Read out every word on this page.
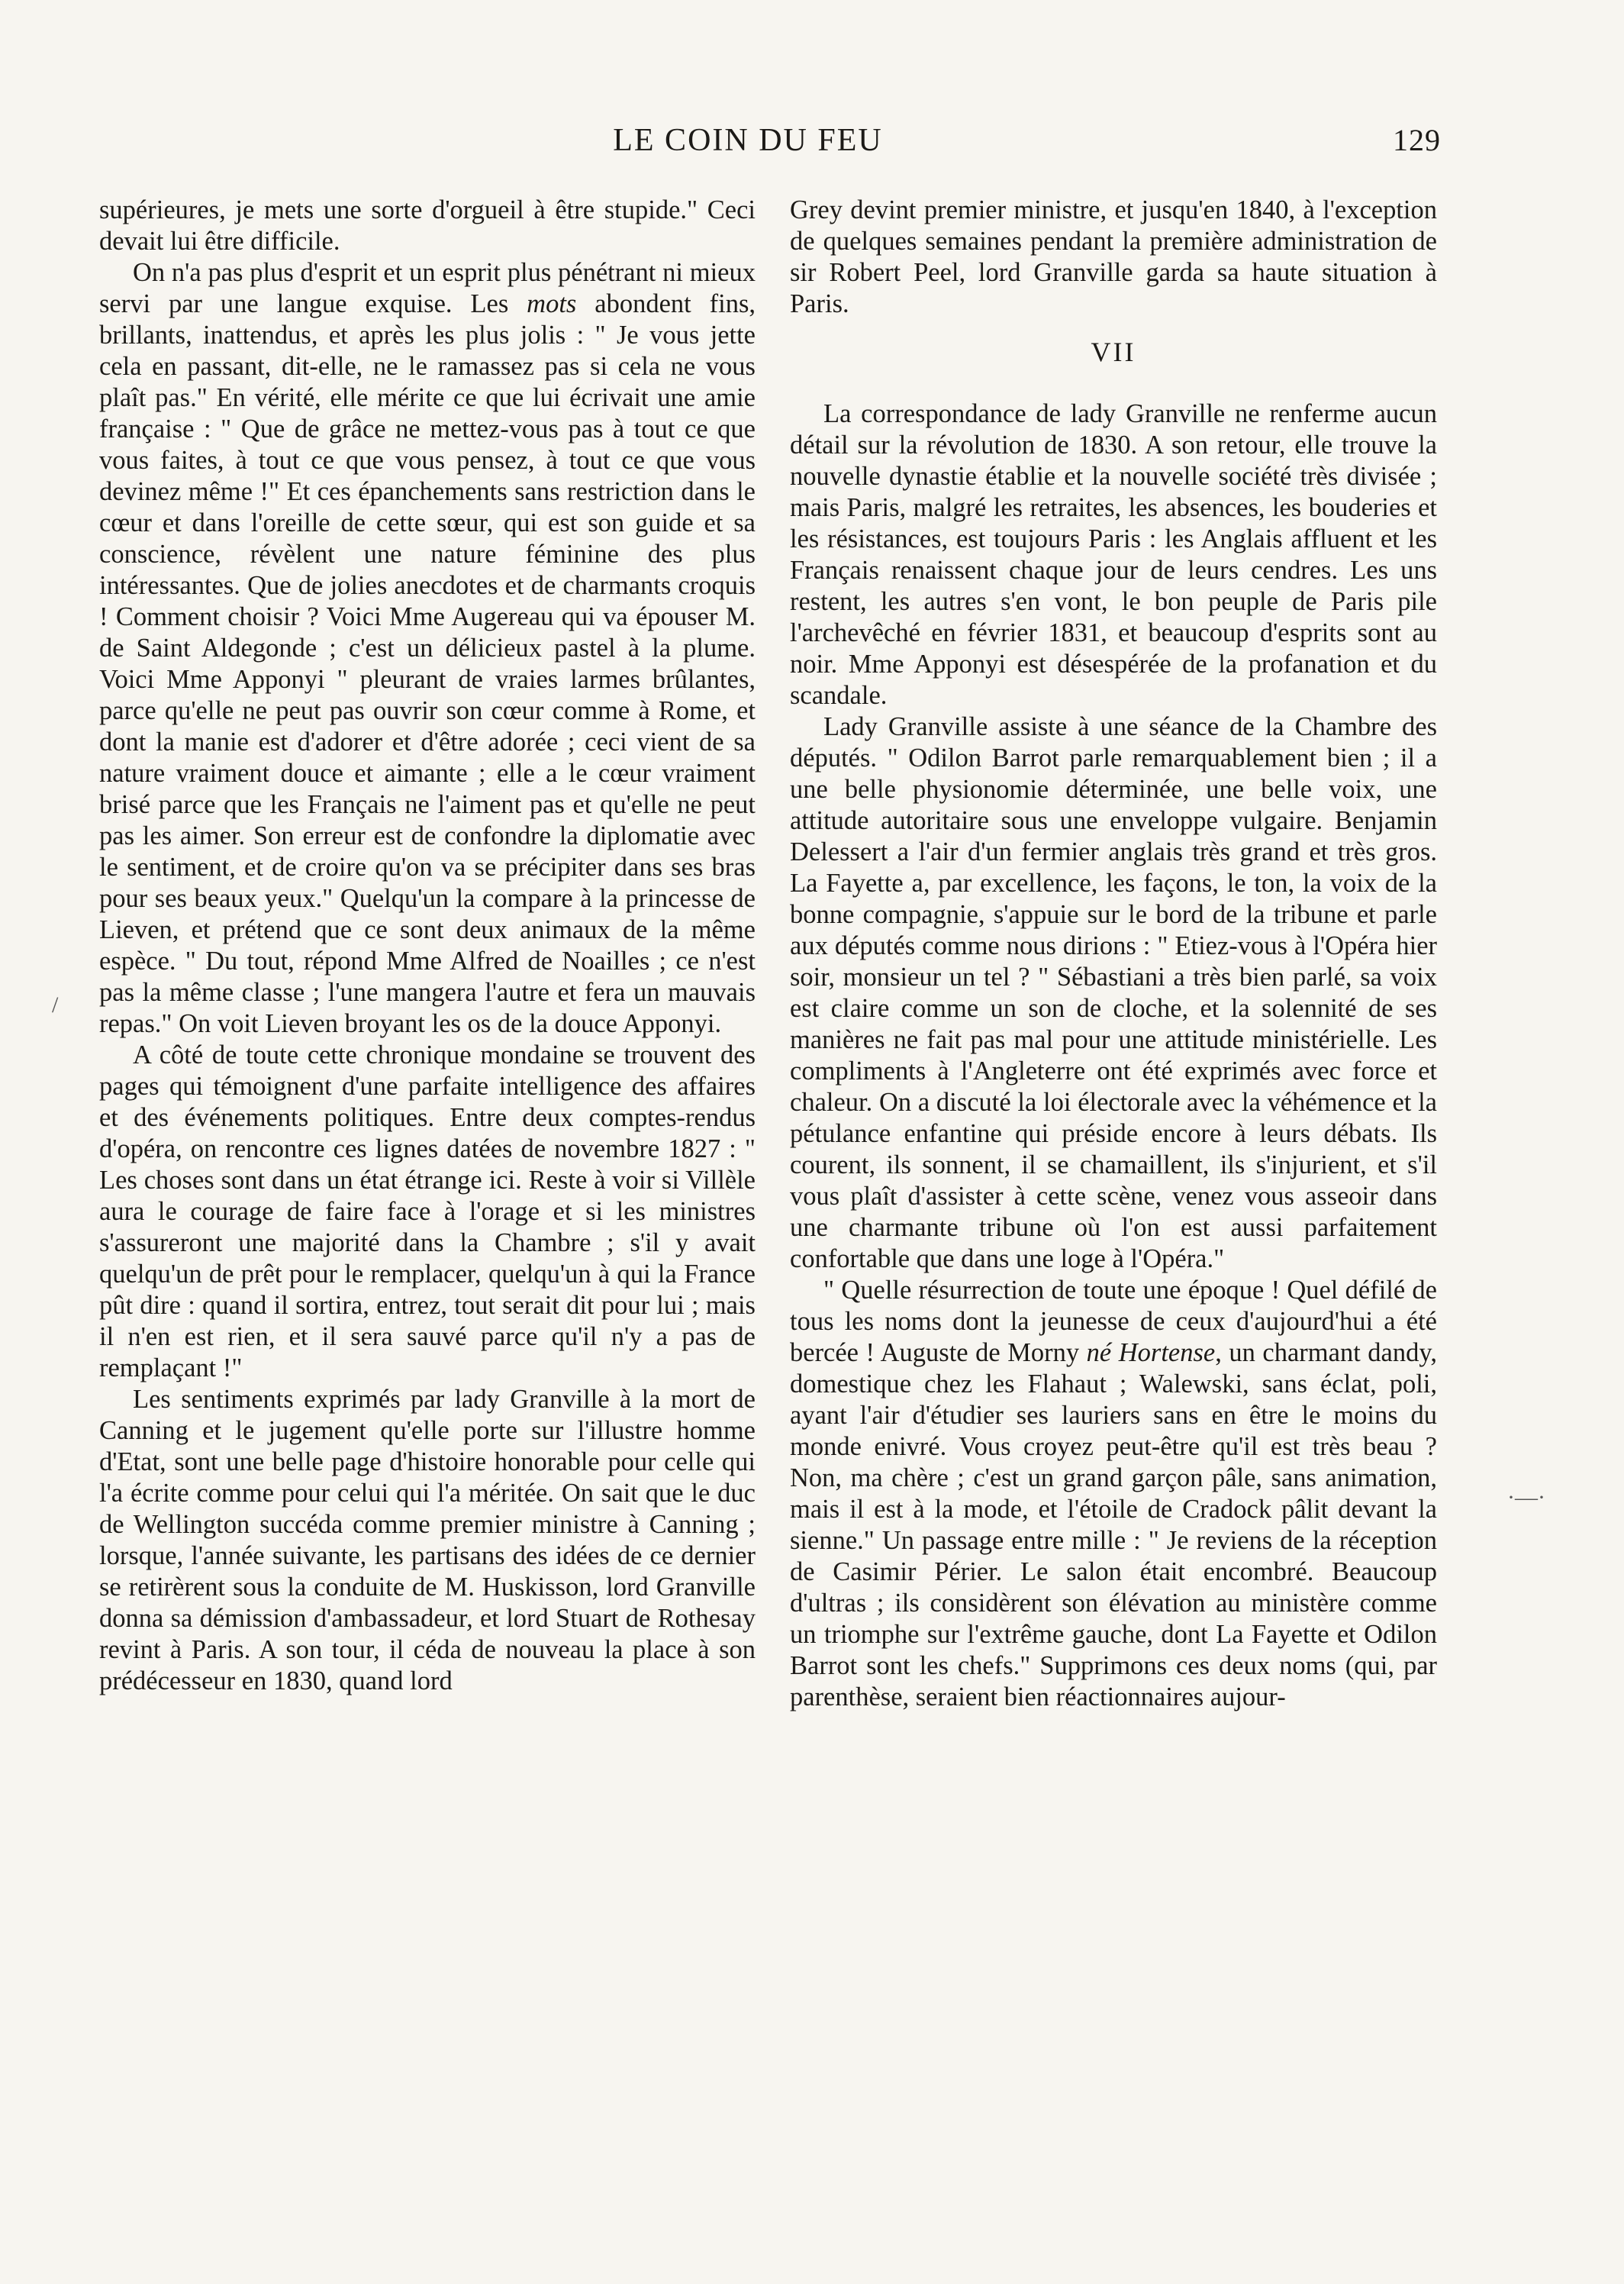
LE COIN DU FEU	129

supérieures, je mets une sorte d'orgueil à être stupide." Ceci devait lui être difficile.

On n'a pas plus d'esprit et un esprit plus pénétrant ni mieux servi par une langue exquise. Les mots abondent fins, brillants, inattendus, et après les plus jolis : " Je vous jette cela en passant, dit-elle, ne le ramassez pas si cela ne vous plaît pas." En vérité, elle mérite ce que lui écrivait une amie française : " Que de grâce ne mettez-vous pas à tout ce que vous faites, à tout ce que vous pensez, à tout ce que vous devinez même !" Et ces épanchements sans restriction dans le cœur et dans l'oreille de cette sœur, qui est son guide et sa conscience, révèlent une nature féminine des plus intéressantes. Que de jolies anecdotes et de charmants croquis ! Comment choisir ? Voici Mme Augereau qui va épouser M. de Saint Aldegonde ; c'est un délicieux pastel à la plume. Voici Mme Apponyi " pleurant de vraies larmes brûlantes, parce qu'elle ne peut pas ouvrir son cœur comme à Rome, et dont la manie est d'adorer et d'être adorée ; ceci vient de sa nature vraiment douce et aimante ; elle a le cœur vraiment brisé parce que les Français ne l'aiment pas et qu'elle ne peut pas les aimer. Son erreur est de confondre la diplomatie avec le sentiment, et de croire qu'on va se précipiter dans ses bras pour ses beaux yeux." Quelqu'un la compare à la princesse de Lieven, et prétend que ce sont deux animaux de la même espèce. " Du tout, répond Mme Alfred de Noailles ; ce n'est pas la même classe ; l'une mangera l'autre et fera un mauvais repas." On voit Lieven broyant les os de la douce Apponyi.

A côté de toute cette chronique mondaine se trouvent des pages qui témoignent d'une parfaite intelligence des affaires et des événements politiques. Entre deux comptes-rendus d'opéra, on rencontre ces lignes datées de novembre 1827 : " Les choses sont dans un état étrange ici. Reste à voir si Villèle aura le courage de faire face à l'orage et si les ministres s'assureront une majorité dans la Chambre ; s'il y avait quelqu'un de prêt pour le remplacer, quelqu'un à qui la France pût dire : quand il sortira, entrez, tout serait dit pour lui ; mais il n'en est rien, et il sera sauvé parce qu'il n'y a pas de remplaçant !"

Les sentiments exprimés par lady Granville à la mort de Canning et le jugement qu'elle porte sur l'illustre homme d'Etat, sont une belle page d'histoire honorable pour celle qui l'a écrite comme pour celui qui l'a méritée. On sait que le duc de Wellington succéda comme premier ministre à Canning ; lorsque, l'année suivante, les partisans des idées de ce dernier se retirèrent sous la conduite de M. Huskisson, lord Granville donna sa démission d'ambassadeur, et lord Stuart de Rothesay revint à Paris. A son tour, il céda de nouveau la place à son prédécesseur en 1830, quand lord

Grey devint premier ministre, et jusqu'en 1840, à l'exception de quelques semaines pendant la première administration de sir Robert Peel, lord Granville garda sa haute situation à Paris.

VII

La correspondance de lady Granville ne renferme aucun détail sur la révolution de 1830. A son retour, elle trouve la nouvelle dynastie établie et la nouvelle société très divisée ; mais Paris, malgré les retraites, les absences, les bouderies et les résistances, est toujours Paris : les Anglais affluent et les Français renaissent chaque jour de leurs cendres. Les uns restent, les autres s'en vont, le bon peuple de Paris pile l'archevêché en février 1831, et beaucoup d'esprits sont au noir. Mme Apponyi est désespérée de la profanation et du scandale.

Lady Granville assiste à une séance de la Chambre des députés. " Odilon Barrot parle remarquablement bien ; il a une belle physionomie déterminée, une belle voix, une attitude autoritaire sous une enveloppe vulgaire. Benjamin Delessert a l'air d'un fermier anglais très grand et très gros. La Fayette a, par excellence, les façons, le ton, la voix de la bonne compagnie, s'appuie sur le bord de la tribune et parle aux députés comme nous dirions : " Etiez-vous à l'Opéra hier soir, monsieur un tel ? " Sébastiani a très bien parlé, sa voix est claire comme un son de cloche, et la solennité de ses manières ne fait pas mal pour une attitude ministérielle. Les compliments à l'Angleterre ont été exprimés avec force et chaleur. On a discuté la loi électorale avec la véhémence et la pétulance enfantine qui préside encore à leurs débats. Ils courent, ils sonnent, il se chamaillent, ils s'injurient, et s'il vous plaît d'assister à cette scène, venez vous asseoir dans une charmante tribune où l'on est aussi parfaitement confortable que dans une loge à l'Opéra."

" Quelle résurrection de toute une époque ! Quel défilé de tous les noms dont la jeunesse de ceux d'aujourd'hui a été bercée ! Auguste de Morny né Hortense, un charmant dandy, domestique chez les Flahaut ; Walewski, sans éclat, poli, ayant l'air d'étudier ses lauriers sans en être le moins du monde enivré. Vous croyez peut-être qu'il est très beau ? Non, ma chère ; c'est un grand garçon pâle, sans animation, mais il est à la mode, et l'étoile de Cradock pâlit devant la sienne." Un passage entre mille : " Je reviens de la réception de Casimir Périer. Le salon était encombré. Beaucoup d'ultras ; ils considèrent son élévation au ministère comme un triomphe sur l'extrême gauche, dont La Fayette et Odilon Barrot sont les chefs." Supprimons ces deux noms (qui, par parenthèse, seraient bien réactionnaires aujour-

/
·—·
